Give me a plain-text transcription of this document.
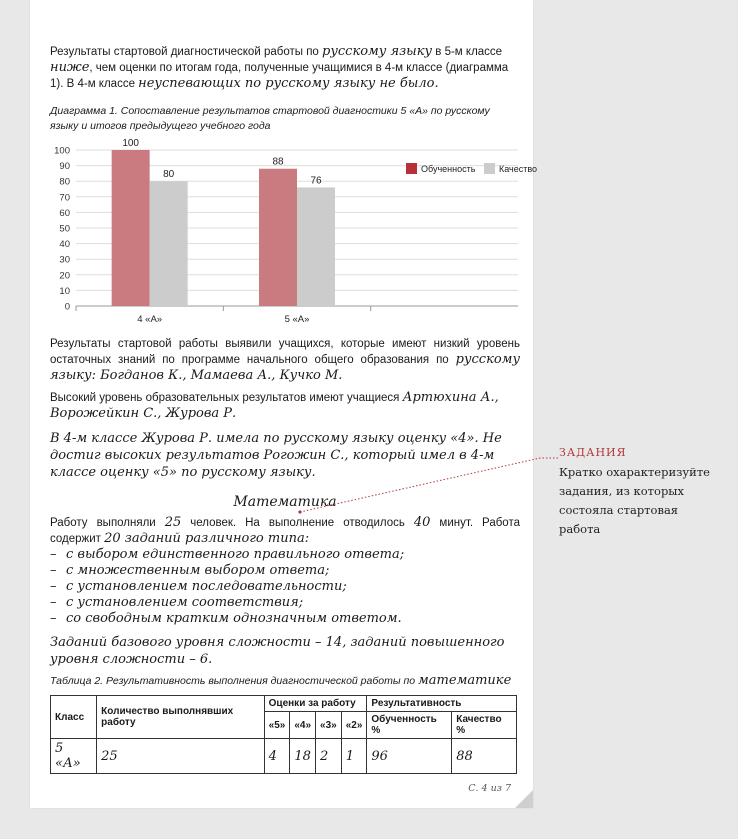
Результаты стартовой диагностической работы по русскому языку в 5-м классе ниже, чем оценки по итогам года, полученные учащимися в 4-м классе (диаграмма 1). В 4-м классе неуспевающих по русскому языку не было.

Диаграмма 1. Сопоставление результатов стартовой диагностики 5 «А» по русскому языку и итогов предыдущего учебного года

0
10
20
30
40
50
60
70
80
90
100
100
80
4 «А»
88
76
5 «А»
Обученность	Качество

Результаты стартовой работы выявили учащихся, которые имеют низкий уровень остаточных знаний по программе начального общего образования по русскому языку: Богданов К., Мамаева А., Кучко М.

Высокий уровень образовательных результатов имеют учащиеся Артюхина А., Ворожейкин С., Журова Р.

В 4-м классе Журова Р. имела по русскому языку оценку «4». Не достиг высоких результатов Рогожин С., который имел в 4-м классе оценку «5» по русскому языку.

Математика

Работу выполняли 25 человек. На выполнение отводилось 40 минут. Работа содержит 20 заданий различного типа:

– с выбором единственного правильного ответа;
– с множественным выбором ответа;
– с установлением последовательности;
– с установлением соответствия;
– со свободным кратким однозначным ответом.

Заданий базового уровня сложности – 14, заданий повышенного уровня сложности – 6.

Таблица 2. Результативность выполнения диагностической работы по математике

Класс	Количество выполнявших работу	Оценки за работу				Результативность	
		«5»	«4»	«3»	«2»	Обученность %	Качество %
5 «А»	25	4	18	2	1	96	88
С. 4 из 7
ЗАДАНИЯ
Кратко охарактеризуйте задания, из которых состояла стартовая работа
